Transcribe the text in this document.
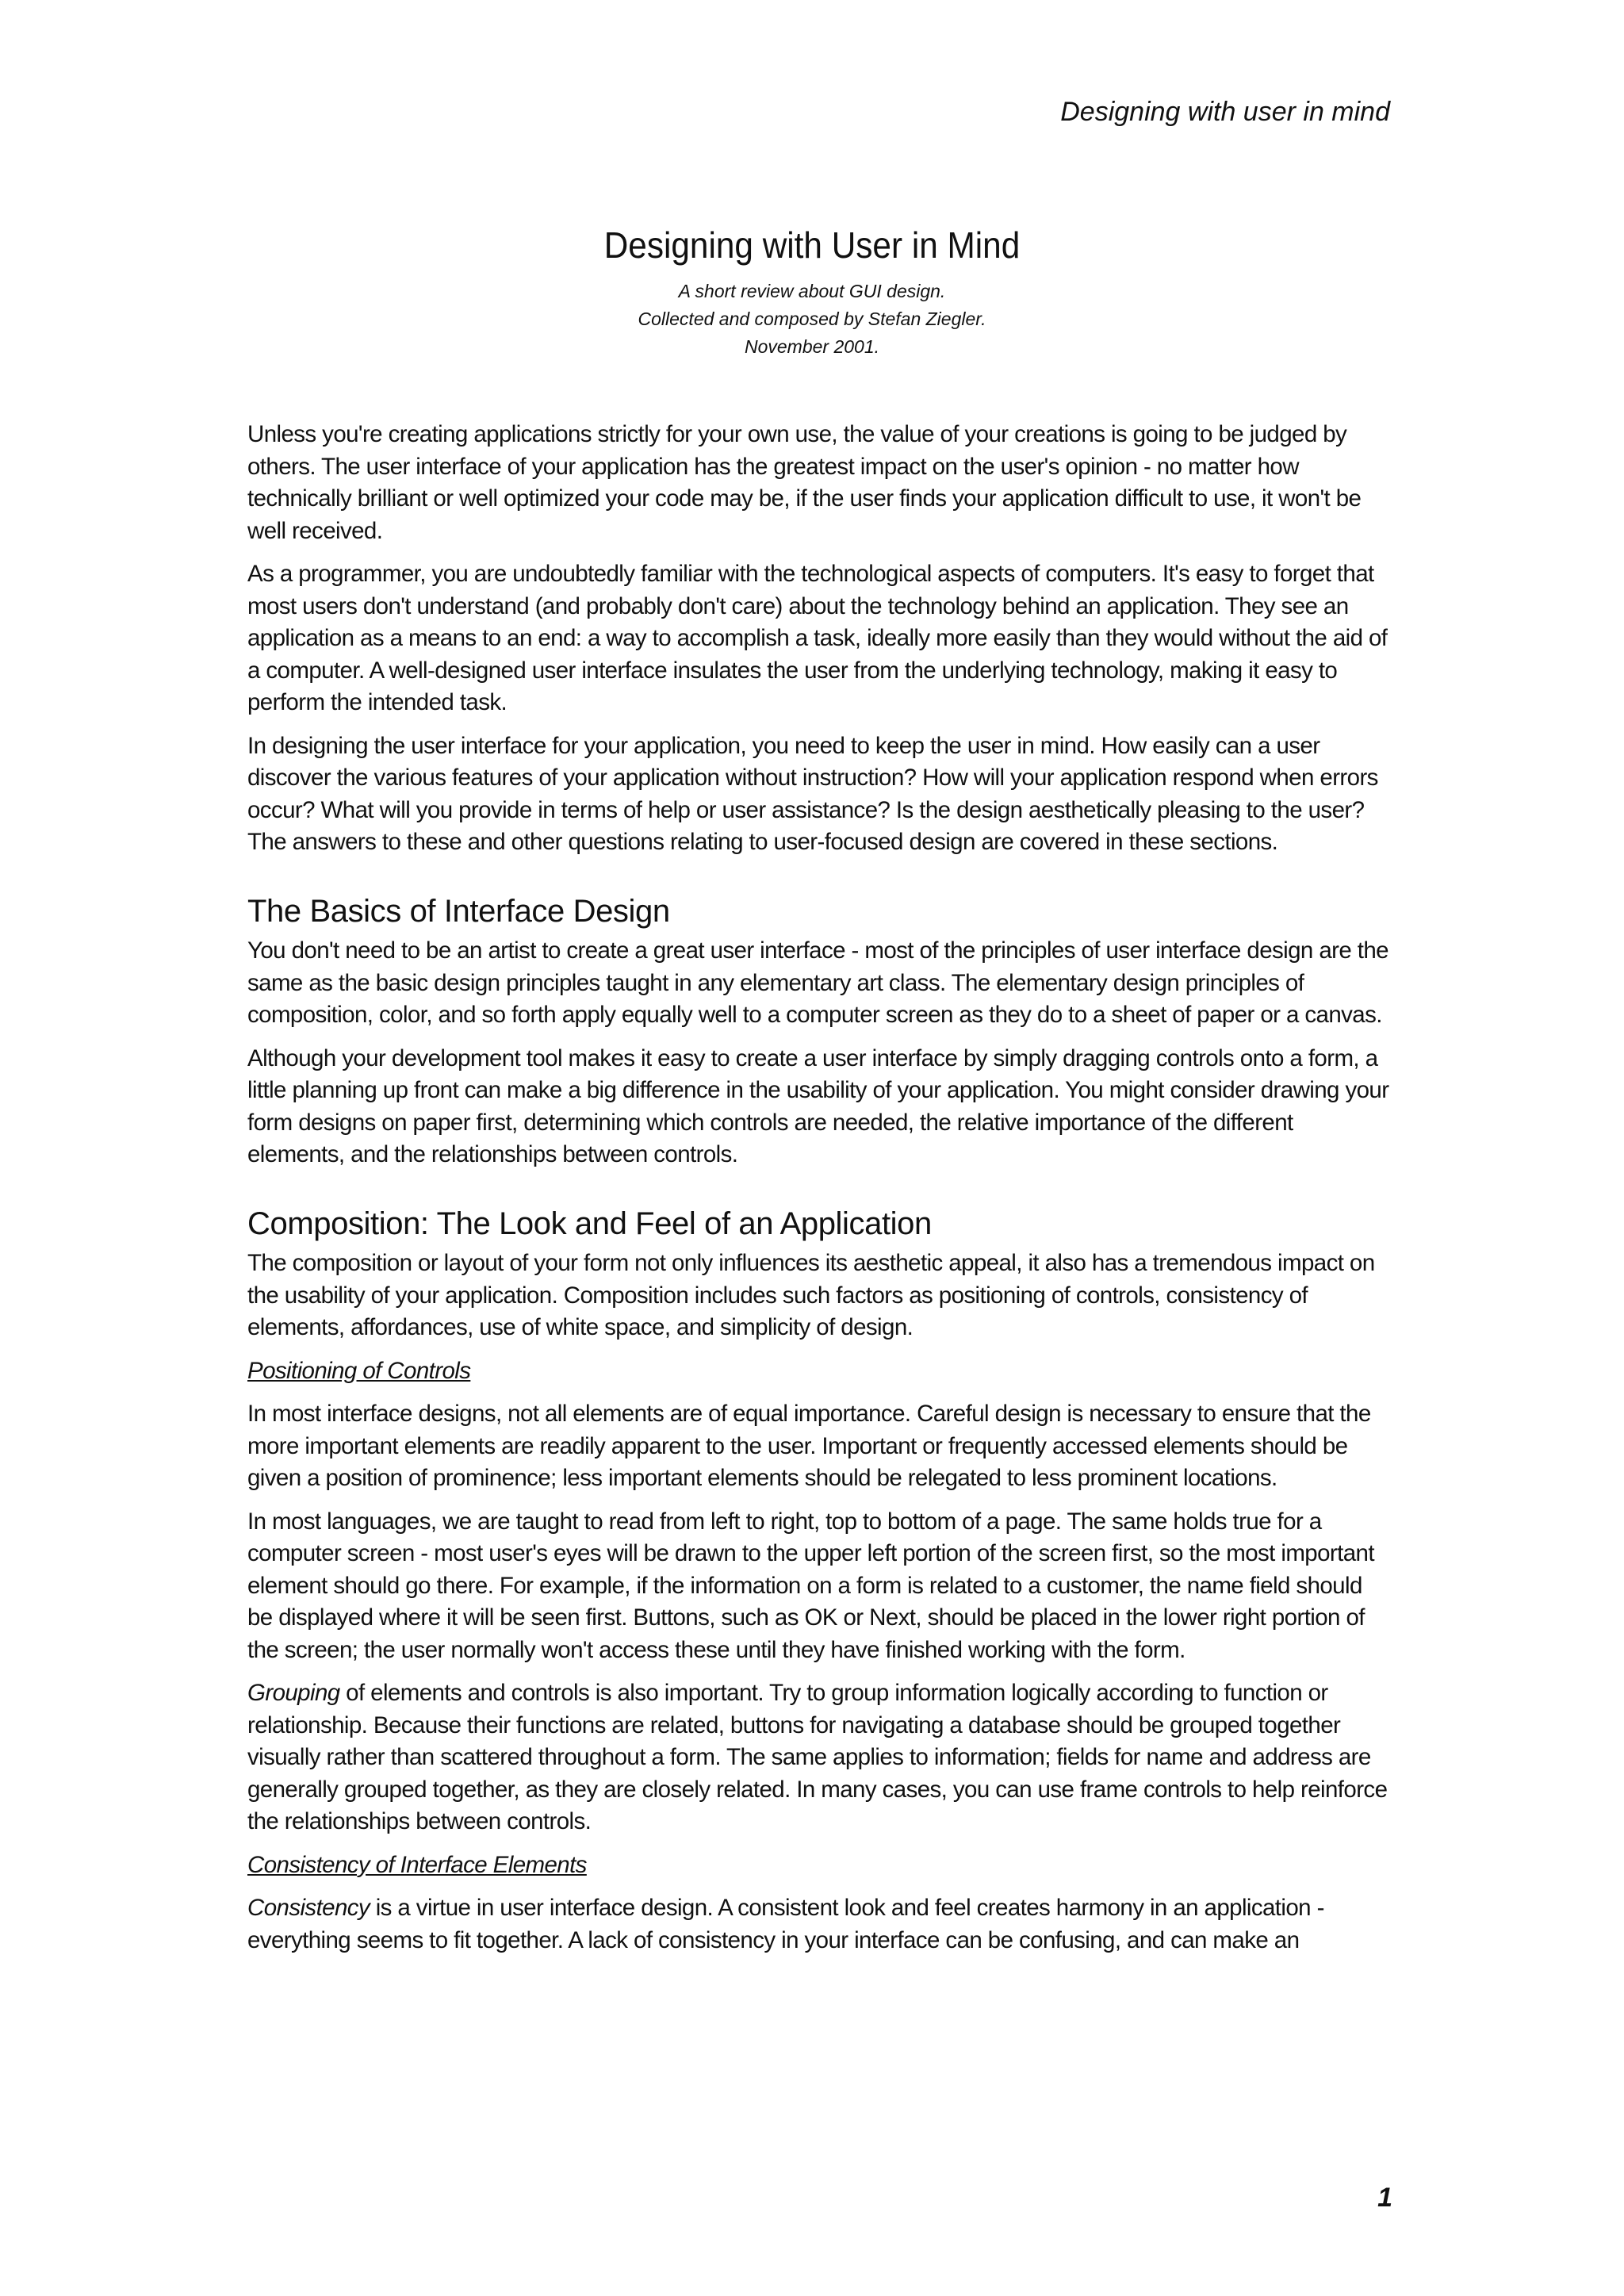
Designing with user in mind
Designing with User in Mind

A short review about GUI design.

Collected and composed by Stefan Ziegler.

November 2001.

Unless you're creating applications strictly for your own use, the value of your creations is going to be judged by others. The user interface of your application has the greatest impact on the user's opinion - no matter how technically brilliant or well optimized your code may be, if the user finds your application difficult to use, it won't be well received.

As a programmer, you are undoubtedly familiar with the technological aspects of computers. It's easy to forget that most users don't understand (and probably don't care) about the technology behind an application. They see an application as a means to an end: a way to accomplish a task, ideally more easily than they would without the aid of a computer. A well-designed user interface insulates the user from the underlying technology, making it easy to perform the intended task.

In designing the user interface for your application, you need to keep the user in mind. How easily can a user discover the various features of your application without instruction? How will your application respond when errors occur? What will you provide in terms of help or user assistance? Is the design aesthetically pleasing to the user? The answers to these and other questions relating to user-focused design are covered in these sections.

The Basics of Interface Design

You don't need to be an artist to create a great user interface - most of the principles of user interface design are the same as the basic design principles taught in any elementary art class. The elementary design principles of composition, color, and so forth apply equally well to a computer screen as they do to a sheet of paper or a canvas.

Although your development tool makes it easy to create a user interface by simply dragging controls onto a form, a little planning up front can make a big difference in the usability of your application. You might consider drawing your form designs on paper first, determining which controls are needed, the relative importance of the different elements, and the relationships between controls.

Composition: The Look and Feel of an Application

The composition or layout of your form not only influences its aesthetic appeal, it also has a tremendous impact on the usability of your application. Composition includes such factors as positioning of controls, consistency of elements, affordances, use of white space, and simplicity of design.

Positioning of Controls

In most interface designs, not all elements are of equal importance. Careful design is necessary to ensure that the more important elements are readily apparent to the user. Important or frequently accessed elements should be given a position of prominence; less important elements should be relegated to less prominent locations.

In most languages, we are taught to read from left to right, top to bottom of a page. The same holds true for a computer screen - most user's eyes will be drawn to the upper left portion of the screen first, so the most important element should go there. For example, if the information on a form is related to a customer, the name field should be displayed where it will be seen first. Buttons, such as OK or Next, should be placed in the lower right portion of the screen; the user normally won't access these until they have finished working with the form.

Grouping of elements and controls is also important. Try to group information logically according to function or relationship. Because their functions are related, buttons for navigating a database should be grouped together visually rather than scattered throughout a form. The same applies to information; fields for name and address are generally grouped together, as they are closely related. In many cases, you can use frame controls to help reinforce the relationships between controls.

Consistency of Interface Elements

Consistency is a virtue in user interface design. A consistent look and feel creates harmony in an application - everything seems to fit together. A lack of consistency in your interface can be confusing, and can make an

1
